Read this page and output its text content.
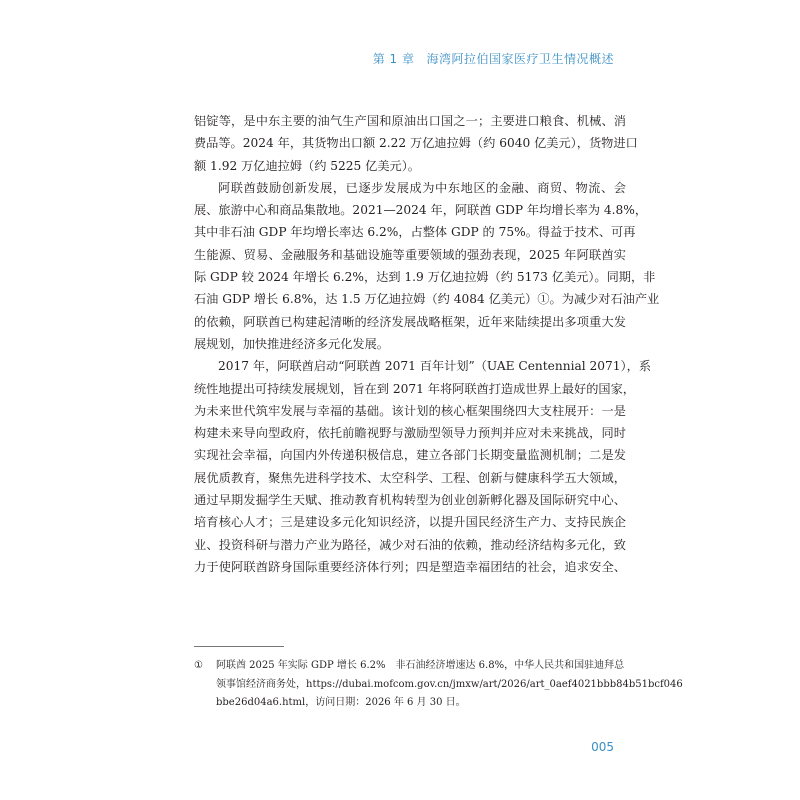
第 1 章 海湾阿拉伯国家医疗卫生情况概述
铝锭等，是中东主要的油气生产国和原油出口国之一；主要进口粮食、机械、消
费品等。2024 年，其货物出口额 2.22 万亿迪拉姆（约 6040 亿美元），货物进口
额 1.92 万亿迪拉姆（约 5225 亿美元）。
阿联酋鼓励创新发展，已逐步发展成为中东地区的金融、商贸、物流、会
展、旅游中心和商品集散地。2021—2024 年，阿联酋 GDP 年均增长率为 4.8%，
其中非石油 GDP 年均增长率达 6.2%，占整体 GDP 的 75%。得益于技术、可再
生能源、贸易、金融服务和基础设施等重要领域的强劲表现，2025 年阿联酋实
际 GDP 较 2024 年增长 6.2%，达到 1.9 万亿迪拉姆（约 5173 亿美元）。同期，非
石油 GDP 增长 6.8%，达 1.5 万亿迪拉姆（约 4084 亿美元）①。为减少对石油产业
的依赖，阿联酋已构建起清晰的经济发展战略框架，近年来陆续提出多项重大发
展规划，加快推进经济多元化发展。
2017 年，阿联酋启动“阿联酋 2071 百年计划”（UAE Centennial 2071），系
统性地提出可持续发展规划，旨在到 2071 年将阿联酋打造成世界上最好的国家，
为未来世代筑牢发展与幸福的基础。该计划的核心框架围绕四大支柱展开：一是
构建未来导向型政府，依托前瞻视野与激励型领导力预判并应对未来挑战，同时
实现社会幸福，向国内外传递积极信息，建立各部门长期变量监测机制；二是发
展优质教育，聚焦先进科学技术、太空科学、工程、创新与健康科学五大领域，
通过早期发掘学生天赋、推动教育机构转型为创业创新孵化器及国际研究中心、
培育核心人才；三是建设多元化知识经济，以提升国民经济生产力、支持民族企
业、投资科研与潜力产业为路径，减少对石油的依赖，推动经济结构多元化，致
力于使阿联酋跻身国际重要经济体行列；四是塑造幸福团结的社会，追求安全、
① 阿联酋 2025 年实际 GDP 增长 6.2%　非石油经济增速达 6.8%，中华人民共和国驻迪拜总
领事馆经济商务处，https://dubai.mofcom.gov.cn/jmxw/art/2026/art_0aef4021bbb84b51bcf046
bbe26d04a6.html，访问日期：2026 年 6 月 30 日。
005
